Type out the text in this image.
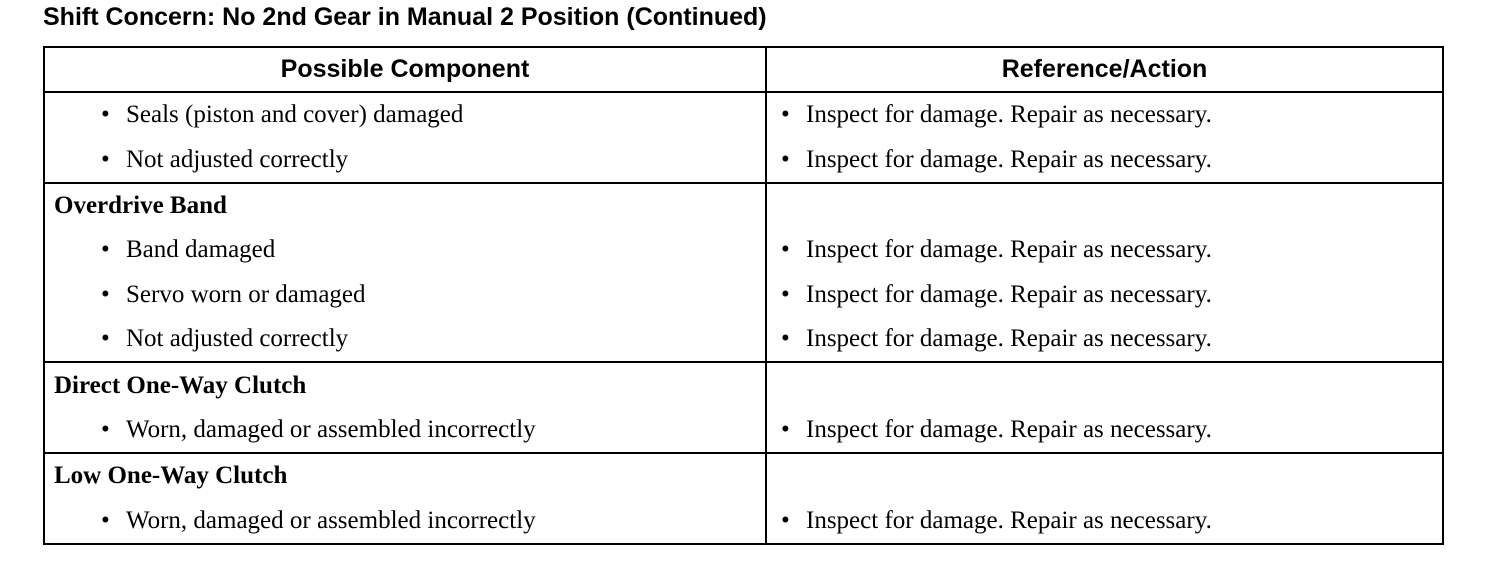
Shift Concern: No 2nd Gear in Manual 2 Position (Continued)
Possible Component	Reference/Action

• Seals (piston and cover) damaged	• Inspect for damage. Repair as necessary.

• Not adjusted correctly	• Inspect for damage. Repair as necessary.

Overdrive Band	

• Band damaged	• Inspect for damage. Repair as necessary.

• Servo worn or damaged	• Inspect for damage. Repair as necessary.

• Not adjusted correctly	• Inspect for damage. Repair as necessary.

Direct One-Way Clutch	

• Worn, damaged or assembled incorrectly	• Inspect for damage. Repair as necessary.

Low One-Way Clutch	

• Worn, damaged or assembled incorrectly	• Inspect for damage. Repair as necessary.
